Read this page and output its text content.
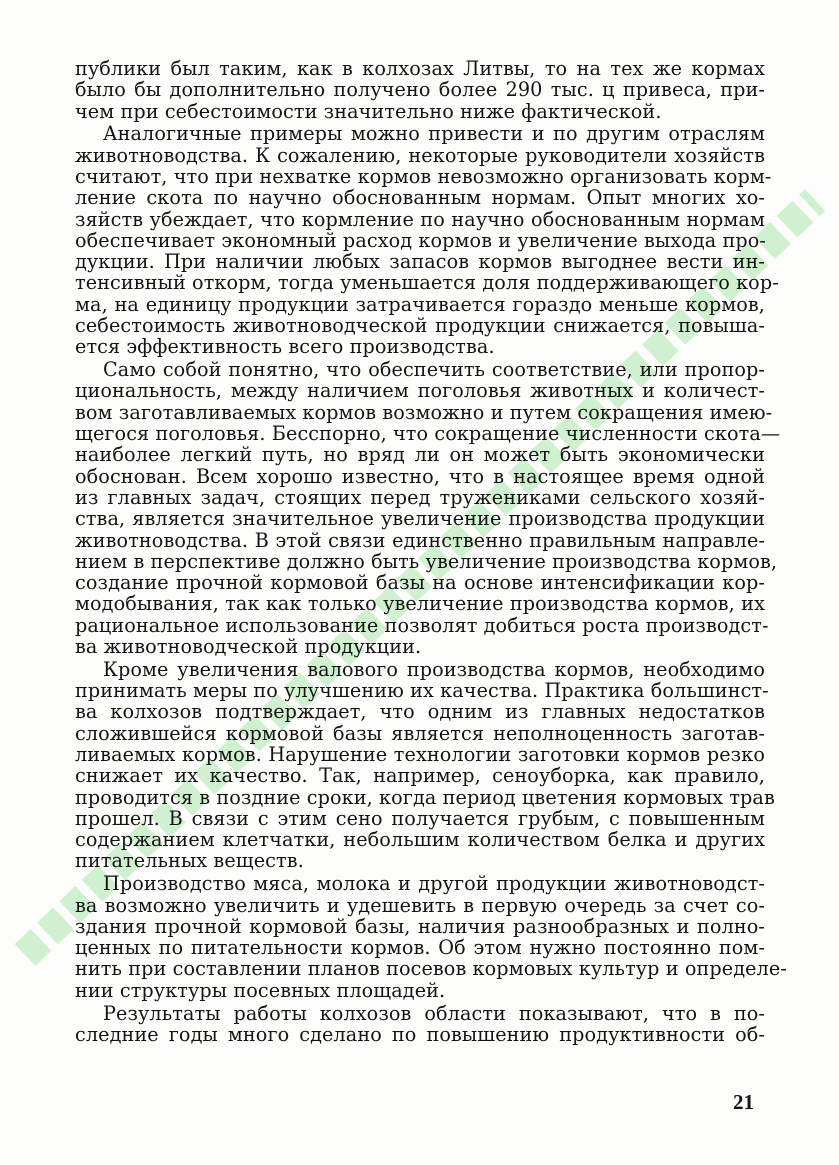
публики был таким, как в колхозах Литвы, то на тех же кормах
было бы дополнительно получено более 290 тыс. ц привеса, при-
чем при себестоимости значительно ниже фактической.
Аналогичные примеры можно привести и по другим отраслям
животноводства. К сожалению, некоторые руководители хозяйств
считают, что при нехватке кормов невозможно организовать корм-
ление скота по научно обоснованным нормам. Опыт многих хо-
зяйств убеждает, что кормление по научно обоснованным нормам
обеспечивает экономный расход кормов и увеличение выхода про-
дукции. При наличии любых запасов кормов выгоднее вести ин-
тенсивный откорм, тогда уменьшается доля поддерживающего кор-
ма, на единицу продукции затрачивается гораздо меньше кормов,
себестоимость животноводческой продукции снижается, повыша-
ется эффективность всего производства.
Само собой понятно, что обеспечить соответствие, или пропор-
циональность, между наличием поголовья животных и количест-
вом заготавливаемых кормов возможно и путем сокращения имею-
щегося поголовья. Бесспорно, что сокращение численности скота—
наиболее легкий путь, но вряд ли он может быть экономически
обоснован. Всем хорошо известно, что в настоящее время одной
из главных задач, стоящих перед тружениками сельского хозяй-
ства, является значительное увеличение производства продукции
животноводства. В этой связи единственно правильным направле-
нием в перспективе должно быть увеличение производства кормов,
создание прочной кормовой базы на основе интенсификации кор-
модобывания, так как только увеличение производства кормов, их
рациональное использование позволят добиться роста производст-
ва животноводческой продукции.
Кроме увеличения валового производства кормов, необходимо
принимать меры по улучшению их качества. Практика большинст-
ва колхозов подтверждает, что одним из главных недостатков
сложившейся кормовой базы является неполноценность заготав-
ливаемых кормов. Нарушение технологии заготовки кормов резко
снижает их качество. Так, например, сеноуборка, как правило,
проводится в поздние сроки, когда период цветения кормовых трав
прошел. В связи с этим сено получается грубым, с повышенным
содержанием клетчатки, небольшим количеством белка и других
питательных веществ.
Производство мяса, молока и другой продукции животноводст-
ва возможно увеличить и удешевить в первую очередь за счет со-
здания прочной кормовой базы, наличия разнообразных и полно-
ценных по питательности кормов. Об этом нужно постоянно пом-
нить при составлении планов посевов кормовых культур и определе-
нии структуры посевных площадей.
Результаты работы колхозов области показывают, что в по-
следние годы много сделано по повышению продуктивности об-
21
